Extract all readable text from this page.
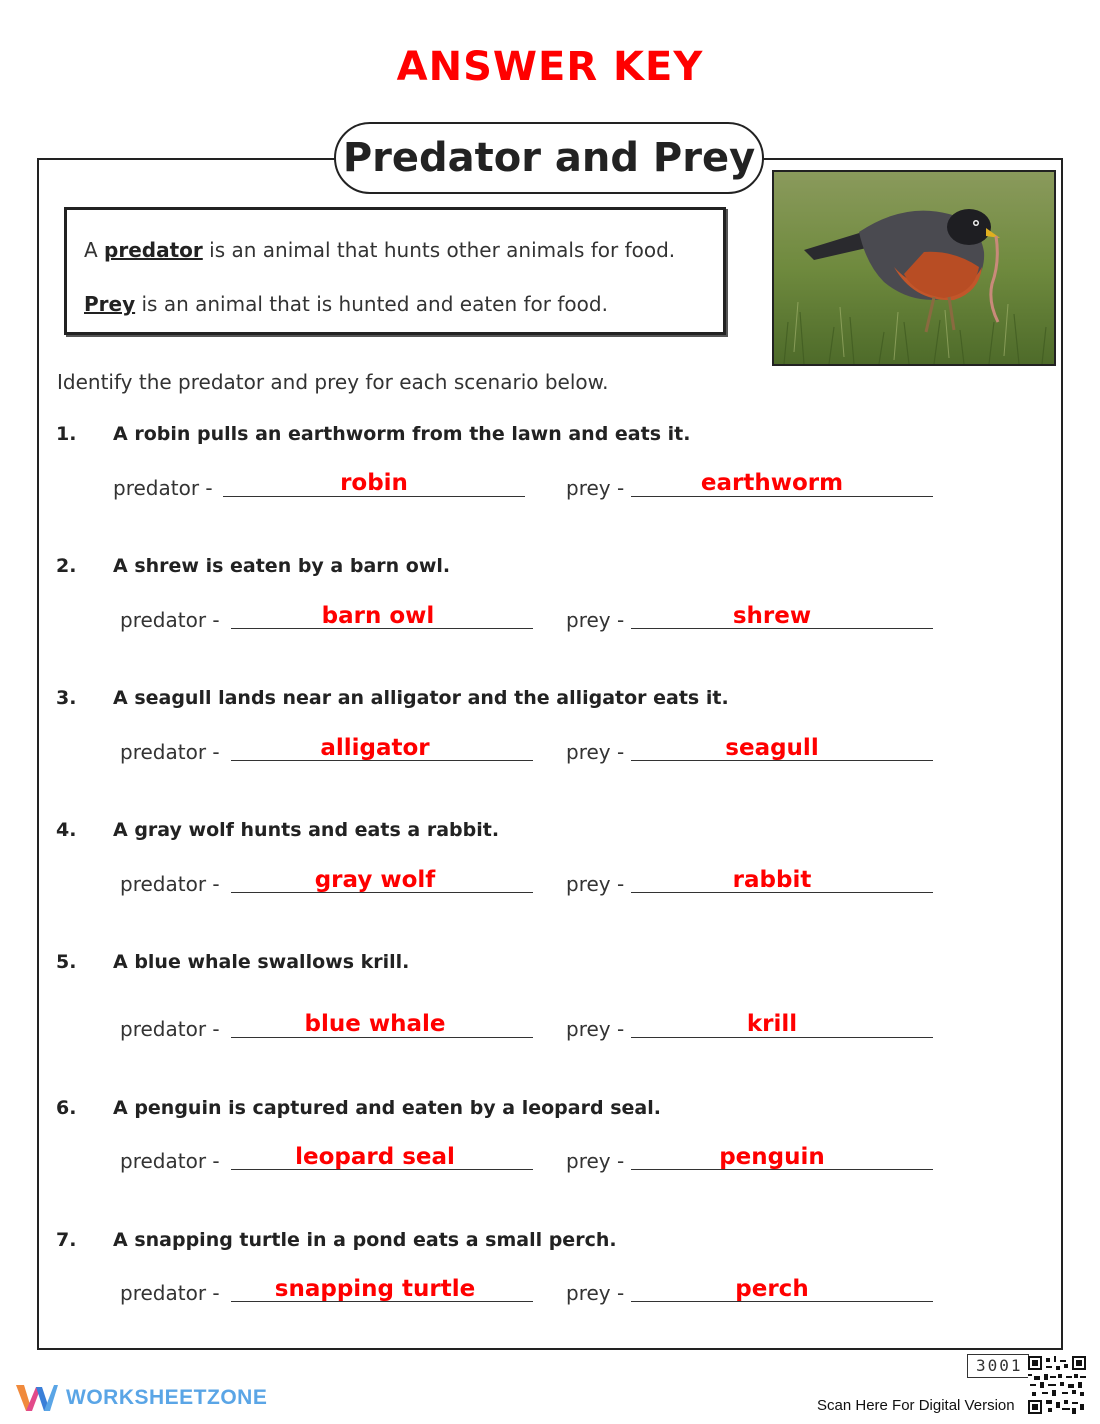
ANSWER KEY
Predator and Prey
A predator is an animal that hunts other animals for food.
Prey is an animal that is hunted and eaten for food.
Identify the predator and prey for each scenario below.
1. A robin pulls an earthworm from the lawn and eats it.
predator -	robin	prey -	earthworm
2. A shrew is eaten by a barn owl.
predator -	barn owl	prey -	shrew
3. A seagull lands near an alligator and the alligator eats it.
predator -	alligator	prey -	seagull
4. A gray wolf hunts and eats a rabbit.
predator -	gray wolf	prey -	rabbit
5. A blue whale swallows krill.
predator -	blue whale	prey -	krill
6. A penguin is captured and eaten by a leopard seal.
predator -	leopard seal	prey -	penguin
7. A snapping turtle in a pond eats a small perch.
predator -	snapping turtle	prey -	perch
WORKSHEETZONE
3001
Scan Here For Digital Version
